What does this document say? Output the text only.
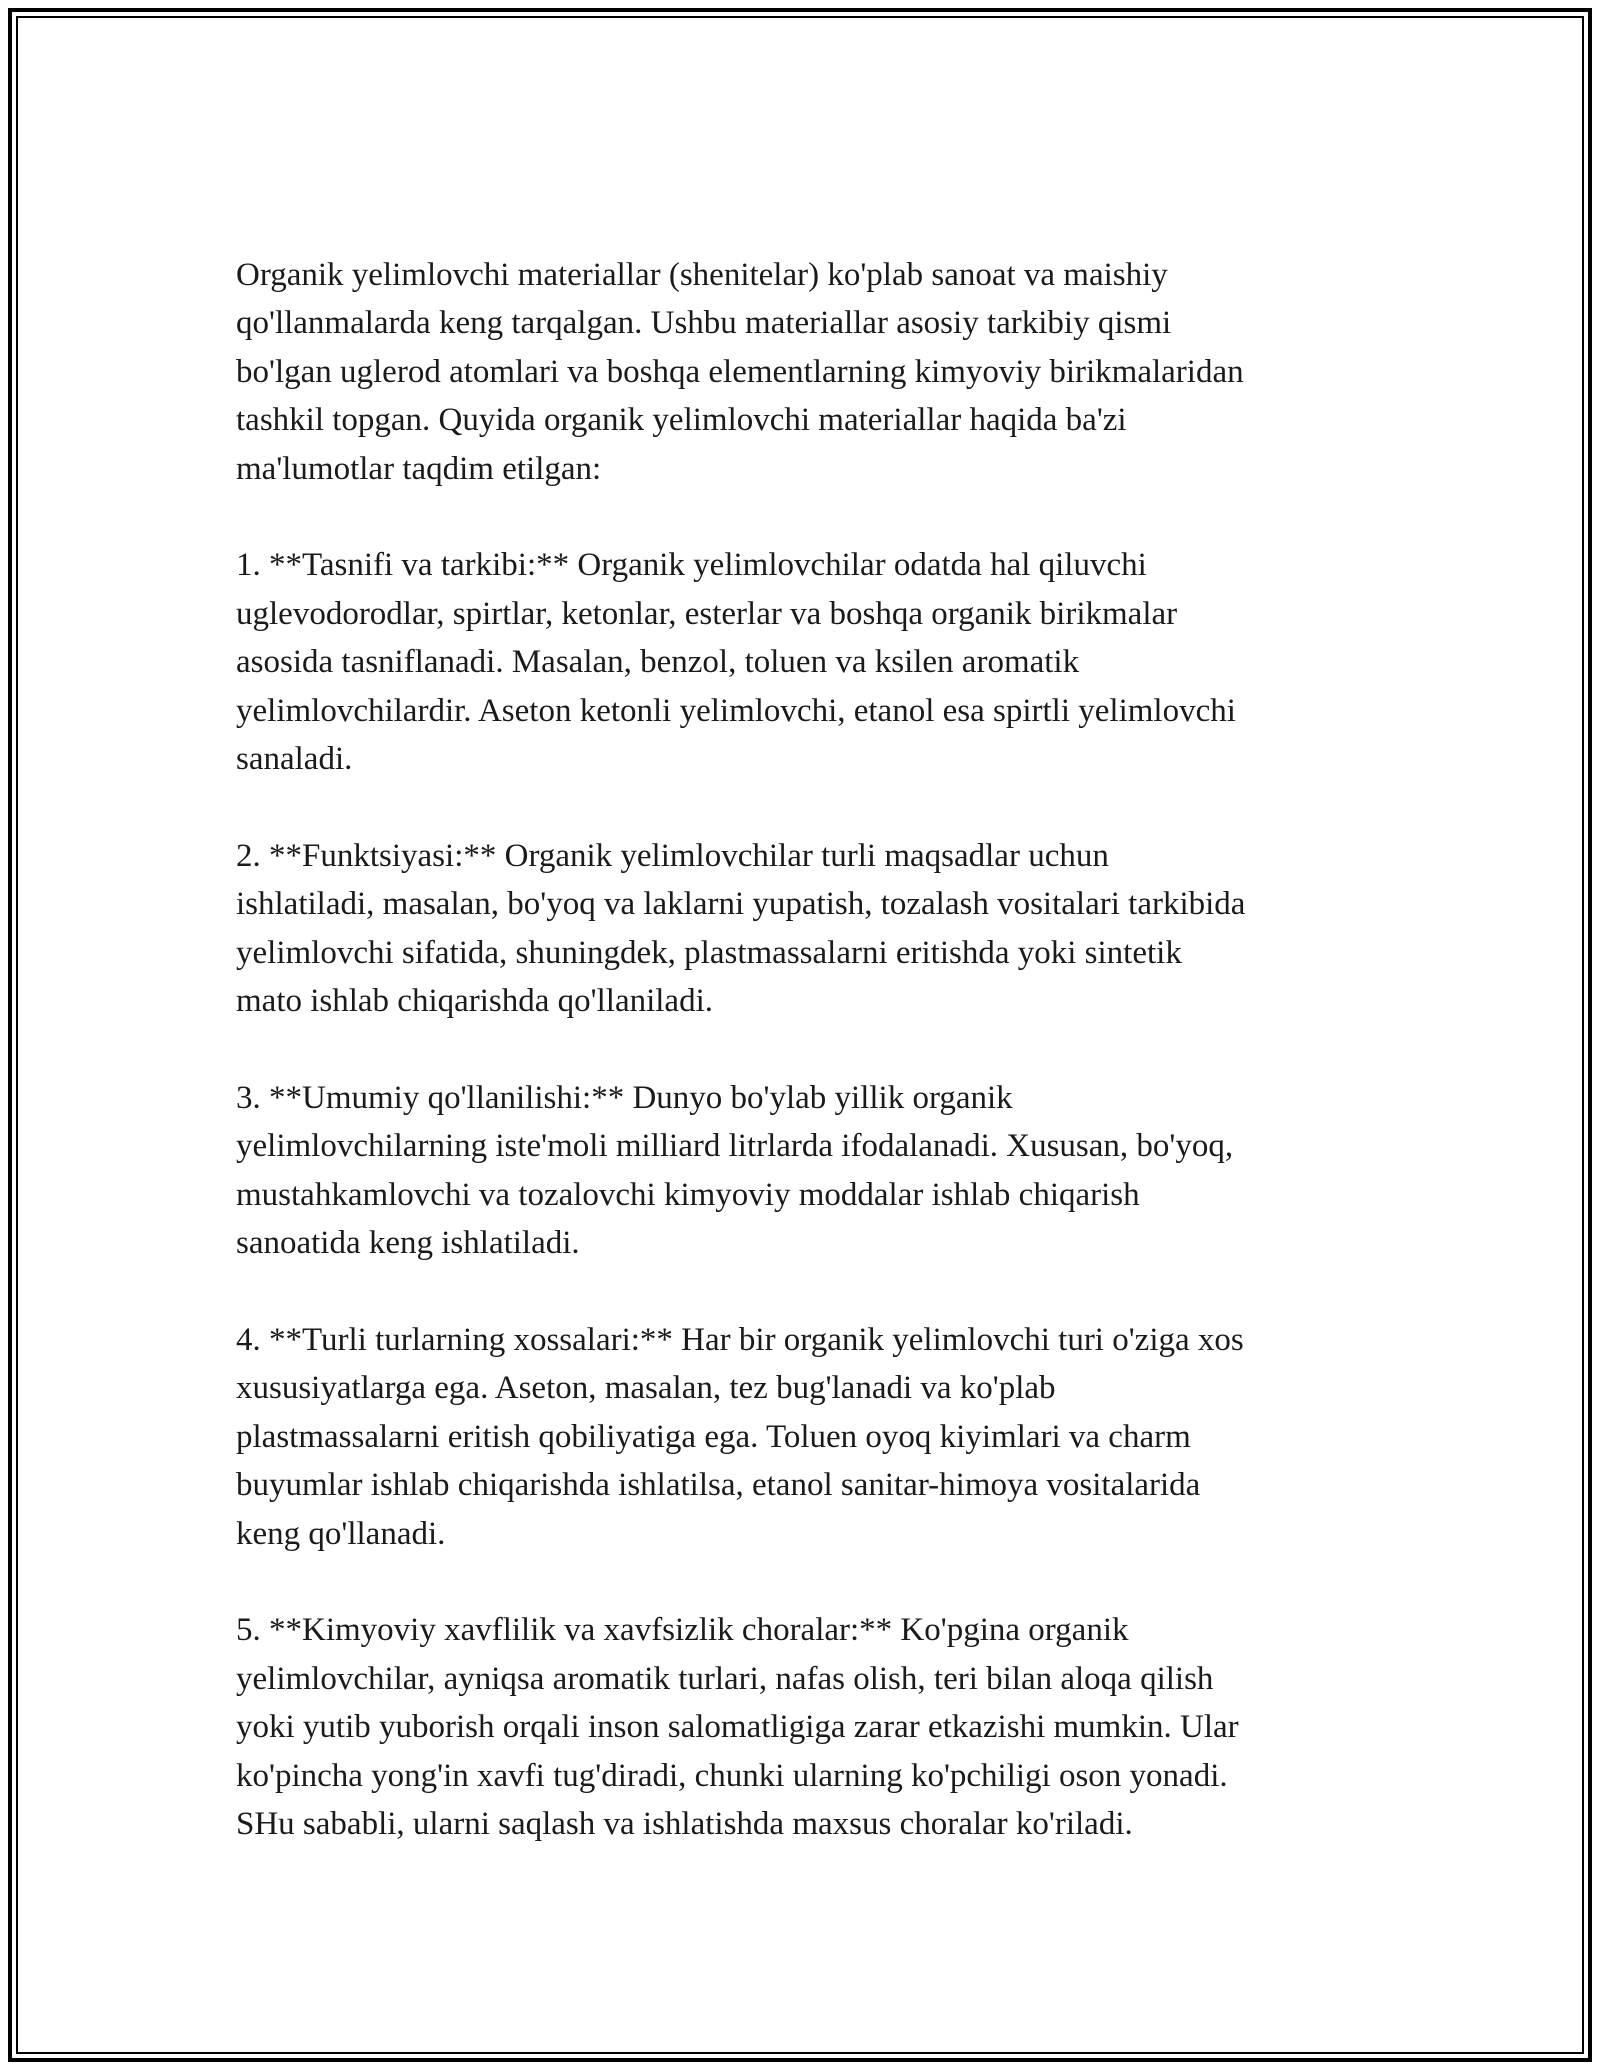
Organik yelimlovchi materiallar (shenitelar) ko'plab sanoat va maishiy
qo'llanmalarda keng tarqalgan. Ushbu materiallar asosiy tarkibiy qismi
bo'lgan uglerod atomlari va boshqa elementlarning kimyoviy birikmalaridan
tashkil topgan. Quyida organik yelimlovchi materiallar haqida ba'zi
ma'lumotlar taqdim etilgan:

1. **Tasnifi va tarkibi:** Organik yelimlovchilar odatda hal qiluvchi
uglevodorodlar, spirtlar, ketonlar, esterlar va boshqa organik birikmalar
asosida tasniflanadi. Masalan, benzol, toluen va ksilen aromatik
yelimlovchilardir. Aseton ketonli yelimlovchi, etanol esa spirtli yelimlovchi
sanaladi.

2. **Funktsiyasi:** Organik yelimlovchilar turli maqsadlar uchun
ishlatiladi, masalan, bo'yoq va laklarni yupatish, tozalash vositalari tarkibida
yelimlovchi sifatida, shuningdek, plastmassalarni eritishda yoki sintetik
mato ishlab chiqarishda qo'llaniladi.

3. **Umumiy qo'llanilishi:** Dunyo bo'ylab yillik organik
yelimlovchilarning iste'moli milliard litrlarda ifodalanadi. Xususan, bo'yoq,
mustahkamlovchi va tozalovchi kimyoviy moddalar ishlab chiqarish
sanoatida keng ishlatiladi.

4. **Turli turlarning xossalari:** Har bir organik yelimlovchi turi o'ziga xos
xususiyatlarga ega. Aseton, masalan, tez bug'lanadi va ko'plab
plastmassalarni eritish qobiliyatiga ega. Toluen oyoq kiyimlari va charm
buyumlar ishlab chiqarishda ishlatilsa, etanol sanitar-himoya vositalarida
keng qo'llanadi.

5. **Kimyoviy xavflilik va xavfsizlik choralar:** Ko'pgina organik
yelimlovchilar, ayniqsa aromatik turlari, nafas olish, teri bilan aloqa qilish
yoki yutib yuborish orqali inson salomatligiga zarar etkazishi mumkin. Ular
ko'pincha yong'in xavfi tug'diradi, chunki ularning ko'pchiligi oson yonadi.
SHu sababli, ularni saqlash va ishlatishda maxsus choralar ko'riladi.
